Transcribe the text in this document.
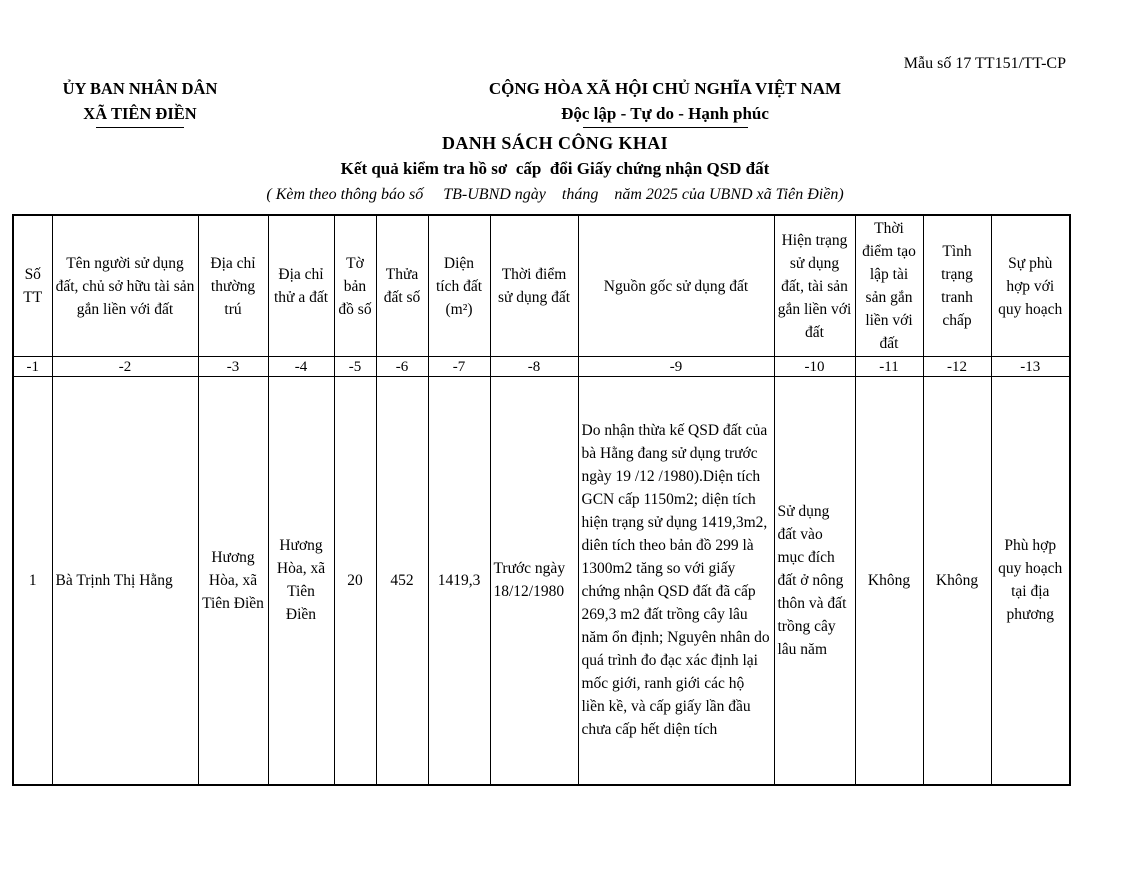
Mẫu số 17 TT151/TT-CP
ỦY BAN NHÂN DÂN
XÃ TIÊN ĐIỀN
CỘNG HÒA XÃ HỘI CHỦ NGHĨA VIỆT NAM
Độc lập - Tự do - Hạnh phúc
DANH SÁCH CÔNG KHAI
Kết quả kiểm tra hồ sơ  cấp  đổi Giấy chứng nhận QSD đất
( Kèm theo thông báo số     TB-UBND ngày    tháng    năm 2025 của UBND xã Tiên Điền)
Số TT	Tên người sử dụng đất, chủ sở hữu tài sản gắn liền với đất	Địa chỉ thường trú	Địa chỉ thử a đất	Tờ bản đồ số	Thửa đất số	Diện tích đất (m²)	Thời điểm sử dụng đất	Nguồn gốc sử dụng đất	Hiện trạng sử dụng đất, tài sản gắn liền với đất	Thời điểm tạo lập tài sản gắn liền với đất	Tình trạng tranh chấp	Sự phù hợp với quy hoạch
-1	-2	-3	-4	-5	-6	-7	-8	-9	-10	-11	-12	-13
1	Bà Trịnh Thị Hằng	Hương Hòa, xã Tiên Điền	Hương Hòa, xã Tiên Điền	20	452	1419,3	Trước ngày 18/12/1980	Do nhận thừa kế QSD đất của bà Hằng đang sử dụng trước ngày 19 /12 /1980).Diện tích GCN cấp 1150m2; diện tích hiện trạng sử dụng 1419,3m2, diên tích theo bản đồ 299 là 1300m2 tăng so với giấy chứng nhận QSD đất đã cấp 269,3 m2 đất trồng cây lâu năm ổn định; Nguyên nhân do quá trình đo đạc xác định lại mốc giới, ranh giới các hộ liền kề, và cấp giấy lần đầu chưa cấp hết diện tích	Sử dụng đất vào mục đích đất ở nông thôn và đất trồng cây lâu năm	Không	Không	Phù hợp quy hoạch tại địa phương
